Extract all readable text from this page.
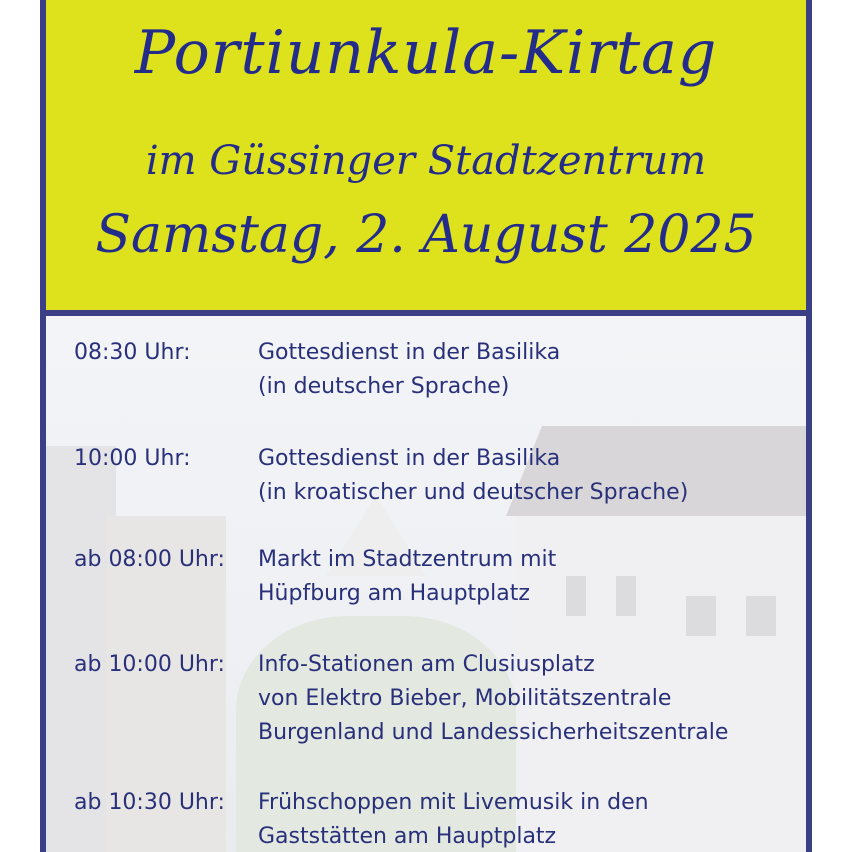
Portiunkula-Kirtag
im Güssinger Stadtzentrum
Samstag, 2. August 2025
08:30 Uhr:	Gottesdienst in der Basilika
(in deutscher Sprache)
10:00 Uhr:	Gottesdienst in der Basilika
(in kroatischer und deutscher Sprache)
ab 08:00 Uhr: Markt im Stadtzentrum mit
Hüpfburg am Hauptplatz
ab 10:00 Uhr: Info-Stationen am Clusiusplatz
von Elektro Bieber, Mobilitätszentrale
Burgenland und Landessicherheitszentrale
ab 10:30 Uhr: Frühschoppen mit Livemusik in den
Gaststätten am Hauptplatz
